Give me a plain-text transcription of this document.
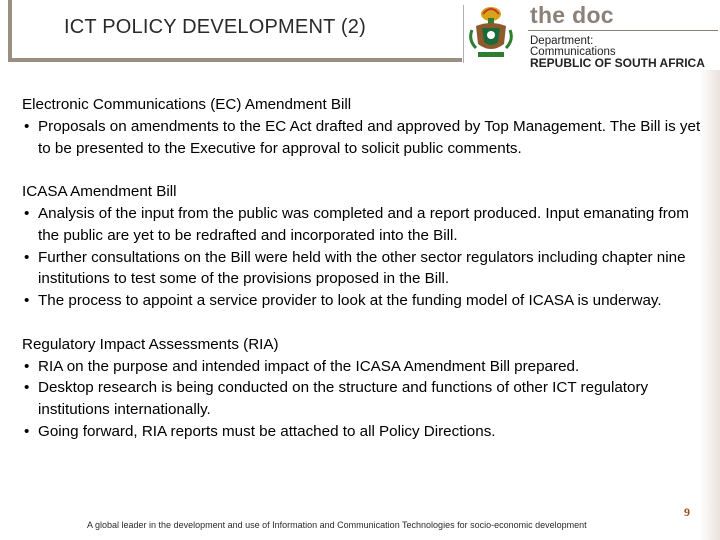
ICT POLICY DEVELOPMENT (2)	the doc
Department:
Communications
REPUBLIC OF SOUTH AFRICA
Electronic Communications (EC) Amendment Bill
• Proposals on amendments to the EC Act drafted and approved by Top Management. The Bill is yet to be presented to the Executive for approval to solicit public comments.
ICASA Amendment Bill
• Analysis of the input from the public was completed and a report produced. Input emanating from the public are yet to be redrafted and incorporated into the Bill.
• Further consultations on the Bill were held with the other sector regulators including chapter nine institutions to test some of the provisions proposed in the Bill.
• The process to appoint a service provider to look at the funding model of ICASA is underway.
Regulatory Impact Assessments (RIA)
• RIA on the purpose and intended impact of the ICASA Amendment Bill prepared.
• Desktop research is being conducted on the structure and functions of other ICT regulatory institutions internationally.
• Going forward, RIA reports must be attached to all Policy Directions.
9
A global leader in the development and use of Information and Communication Technologies for socio-economic development
